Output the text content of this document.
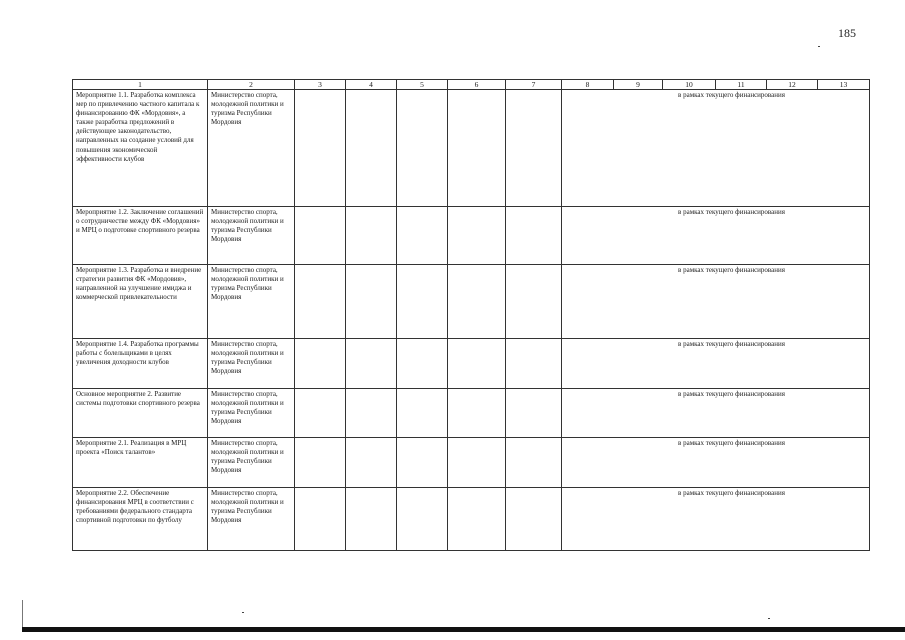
185
1	2	3	4	5	6	7	8	9	10	11	12	13
Мероприятие 1.1. Разработка комплекса мер по привлечению частного капитала к финансированию ФК «Мордовия», а также разработка предложений в действующее законодательство, направленных на создание условий для повышения экономической эффективности клубов	Министерство спорта, молодежной политики и туризма Республики Мордовия						в рамках текущего финансирования					
Мероприятие 1.2. Заключение соглашений о сотрудничестве между ФК «Мордовия» и МРЦ о подготовке спортивного резерва	Министерство спорта, молодежной политики и туризма Республики Мордовия						в рамках текущего финансирования					
Мероприятие 1.3. Разработка и внедрение стратегии развития ФК «Мордовия», направленной на улучшение имиджа и коммерческой привлекательности	Министерство спорта, молодежной политики и туризма Республики Мордовия						в рамках текущего финансирования					
Мероприятие 1.4. Разработка программы работы с болельщиками в целях увеличения доходности клубов	Министерство спорта, молодежной политики и туризма Республики Мордовия						в рамках текущего финансирования					
Основное мероприятие 2. Развитие системы подготовки спортивного резерва	Министерство спорта, молодежной политики и туризма Республики Мордовия						в рамках текущего финансирования					
Мероприятие 2.1. Реализация в МРЦ проекта «Поиск талантов»	Министерство спорта, молодежной политики и туризма Республики Мордовия						в рамках текущего финансирования					
Мероприятие 2.2. Обеспечение финансирования МРЦ в соответствии с требованиями федерального стандарта спортивной подготовки по футболу	Министерство спорта, молодежной политики и туризма Республики Мордовия						в рамках текущего финансирования					
